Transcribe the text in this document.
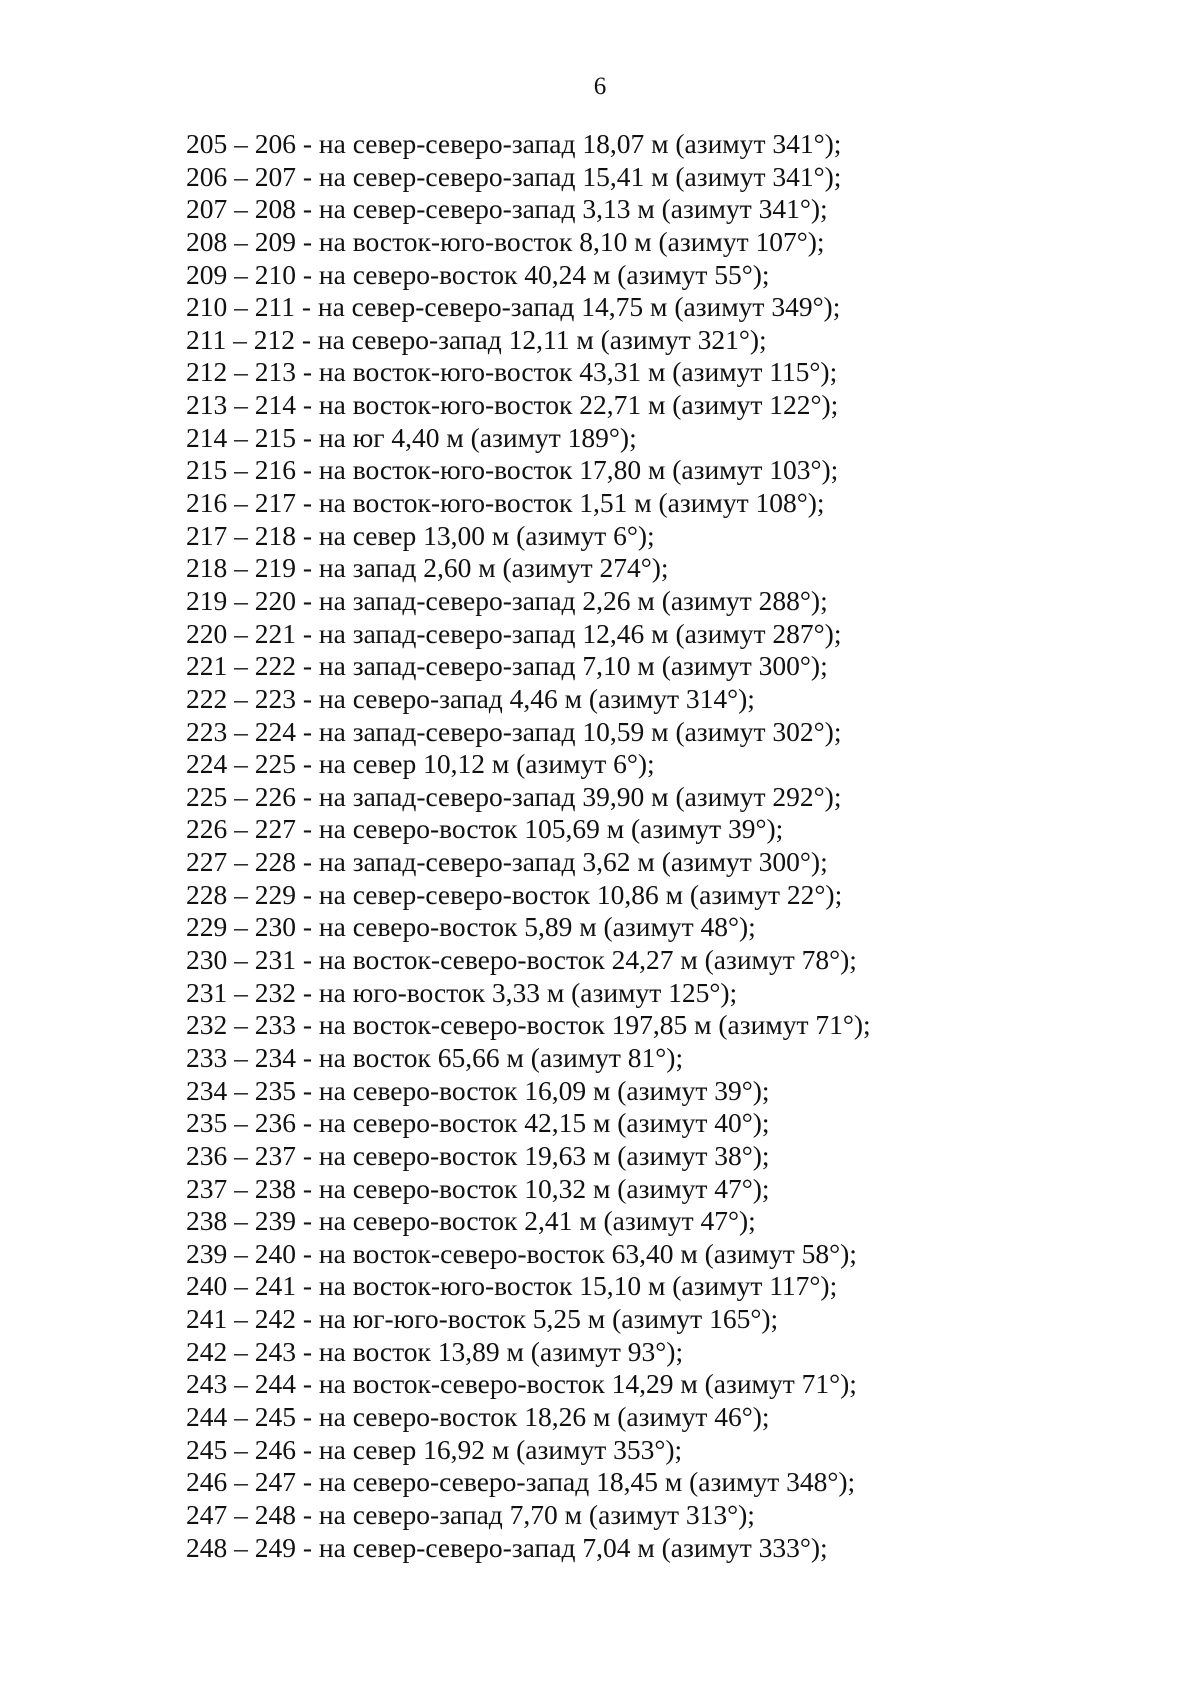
6
205 – 206 - на север-северо-запад 18,07 м (азимут 341°);
206 – 207 - на север-северо-запад 15,41 м (азимут 341°);
207 – 208 - на север-северо-запад 3,13 м (азимут 341°);
208 – 209 - на восток-юго-восток 8,10 м (азимут 107°);
209 – 210 - на северо-восток 40,24 м (азимут 55°);
210 – 211 - на север-северо-запад 14,75 м (азимут 349°);
211 – 212 - на северо-запад 12,11 м (азимут 321°);
212 – 213 - на восток-юго-восток 43,31 м (азимут 115°);
213 – 214 - на восток-юго-восток 22,71 м (азимут 122°);
214 – 215 - на юг 4,40 м (азимут 189°);
215 – 216 - на восток-юго-восток 17,80 м (азимут 103°);
216 – 217 - на восток-юго-восток 1,51 м (азимут 108°);
217 – 218 - на север 13,00 м (азимут 6°);
218 – 219 - на запад 2,60 м (азимут 274°);
219 – 220 - на запад-северо-запад 2,26 м (азимут 288°);
220 – 221 - на запад-северо-запад 12,46 м (азимут 287°);
221 – 222 - на запад-северо-запад 7,10 м (азимут 300°);
222 – 223 - на северо-запад 4,46 м (азимут 314°);
223 – 224 - на запад-северо-запад 10,59 м (азимут 302°);
224 – 225 - на север 10,12 м (азимут 6°);
225 – 226 - на запад-северо-запад 39,90 м (азимут 292°);
226 – 227 - на северо-восток 105,69 м (азимут 39°);
227 – 228 - на запад-северо-запад 3,62 м (азимут 300°);
228 – 229 - на север-северо-восток 10,86 м (азимут 22°);
229 – 230 - на северо-восток 5,89 м (азимут 48°);
230 – 231 - на восток-северо-восток 24,27 м (азимут 78°);
231 – 232 - на юго-восток 3,33 м (азимут 125°);
232 – 233 - на восток-северо-восток 197,85 м (азимут 71°);
233 – 234 - на восток 65,66 м (азимут 81°);
234 – 235 - на северо-восток 16,09 м (азимут 39°);
235 – 236 - на северо-восток 42,15 м (азимут 40°);
236 – 237 - на северо-восток 19,63 м (азимут 38°);
237 – 238 - на северо-восток 10,32 м (азимут 47°);
238 – 239 - на северо-восток 2,41 м (азимут 47°);
239 – 240 - на восток-северо-восток 63,40 м (азимут 58°);
240 – 241 - на восток-юго-восток 15,10 м (азимут 117°);
241 – 242 - на юг-юго-восток 5,25 м (азимут 165°);
242 – 243 - на восток 13,89 м (азимут 93°);
243 – 244 - на восток-северо-восток 14,29 м (азимут 71°);
244 – 245 - на северо-восток 18,26 м (азимут 46°);
245 – 246 - на север 16,92 м (азимут 353°);
246 – 247 - на северо-северо-запад 18,45 м (азимут 348°);
247 – 248 - на северо-запад 7,70 м (азимут 313°);
248 – 249 - на север-северо-запад 7,04 м (азимут 333°);
